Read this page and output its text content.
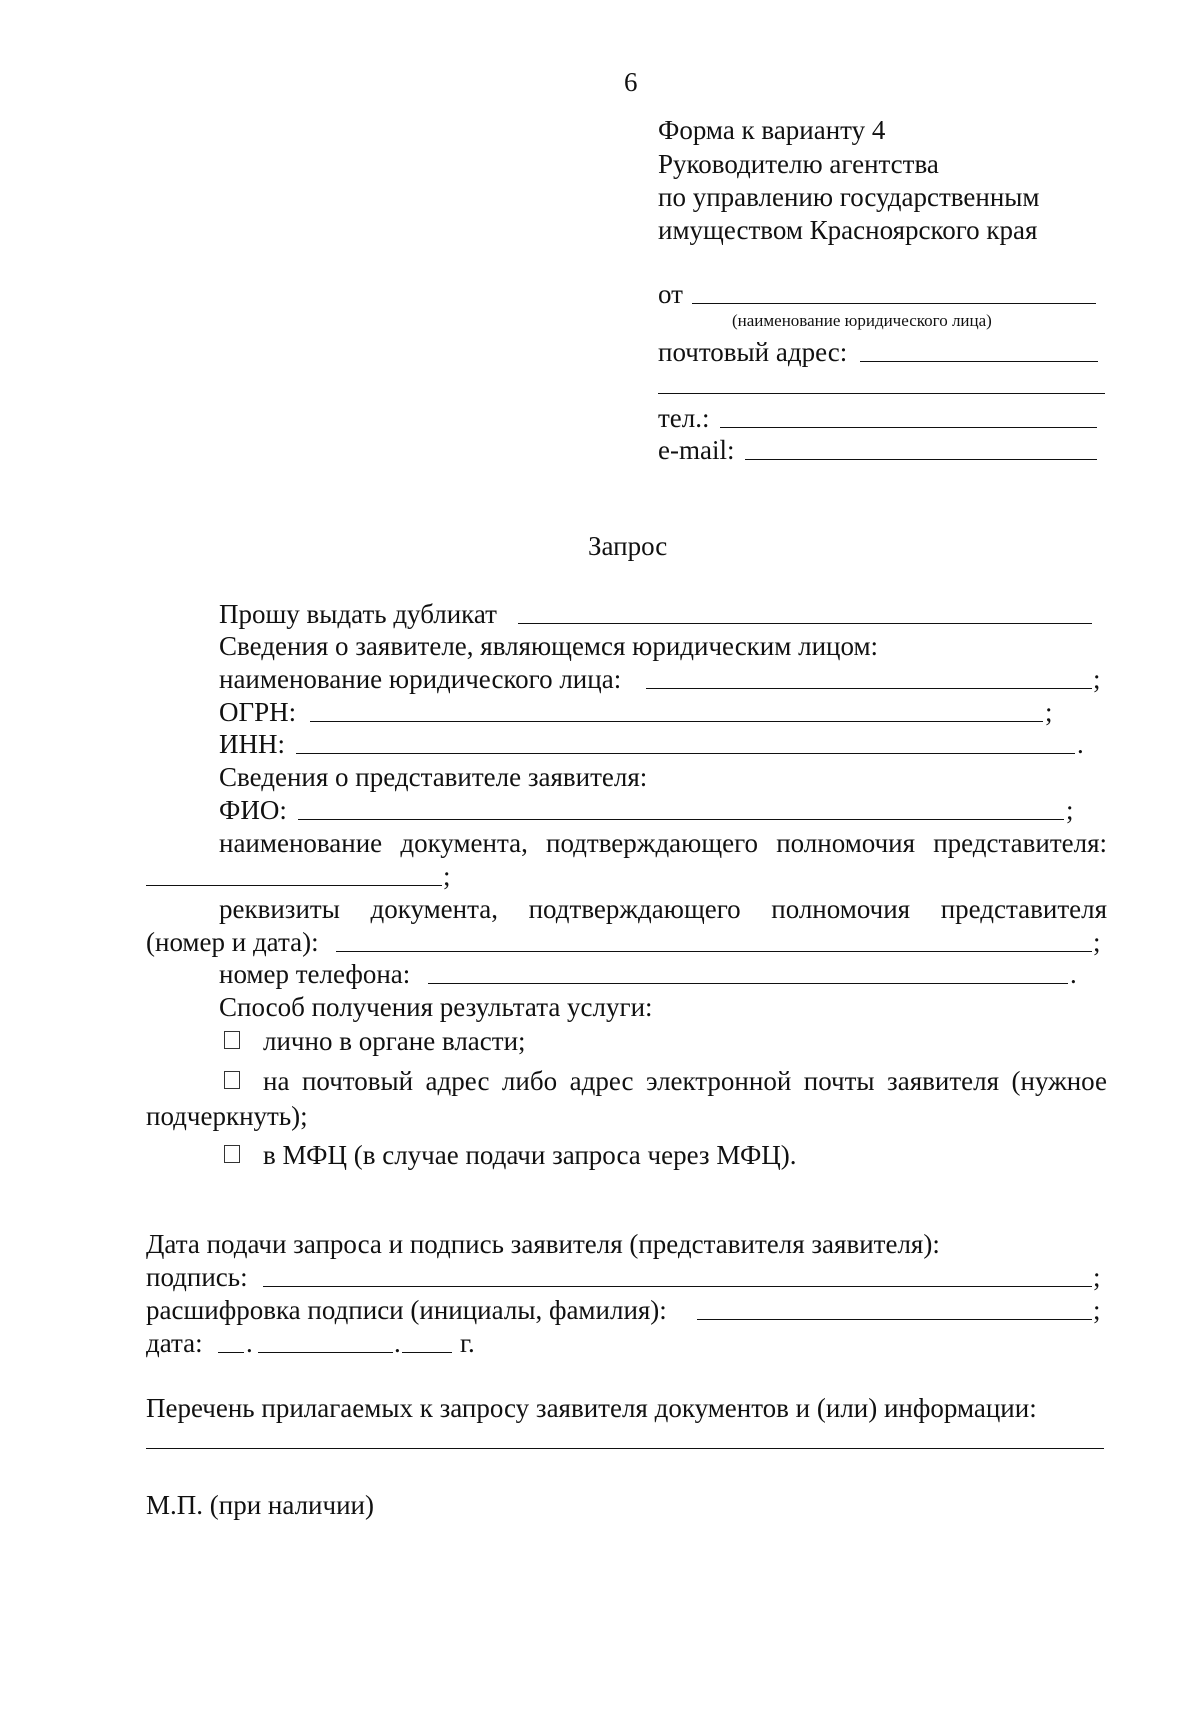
6
Форма к варианту 4
Руководителю агентства
по управлению государственным
имуществом Красноярского края
от
(наименование юридического лица)
почтовый адрес:
тел.:
e-mail:
Запрос
Прошу выдать дубликат
Сведения о заявителе, являющемся юридическим лицом:
наименование юридического лица:	;
ОГРН:	;
ИНН:	.
Сведения о представителе заявителя:
ФИО:	;
наименование документа, подтверждающего полномочия представителя:
;
реквизиты документа, подтверждающего полномочия представителя
(номер и дата):	;
номер телефона:	.
Способ получения результата услуги:
лично в органе власти;
на почтовый адрес либо адрес электронной почты заявителя (нужное
подчеркнуть);
в МФЦ (в случае подачи запроса через МФЦ).
Дата подачи запроса и подпись заявителя (представителя заявителя):
подпись:	;
расшифровка подписи (инициалы, фамилия):	;
дата: .	. г.
Перечень прилагаемых к запросу заявителя документов и (или) информации:
М.П. (при наличии)
